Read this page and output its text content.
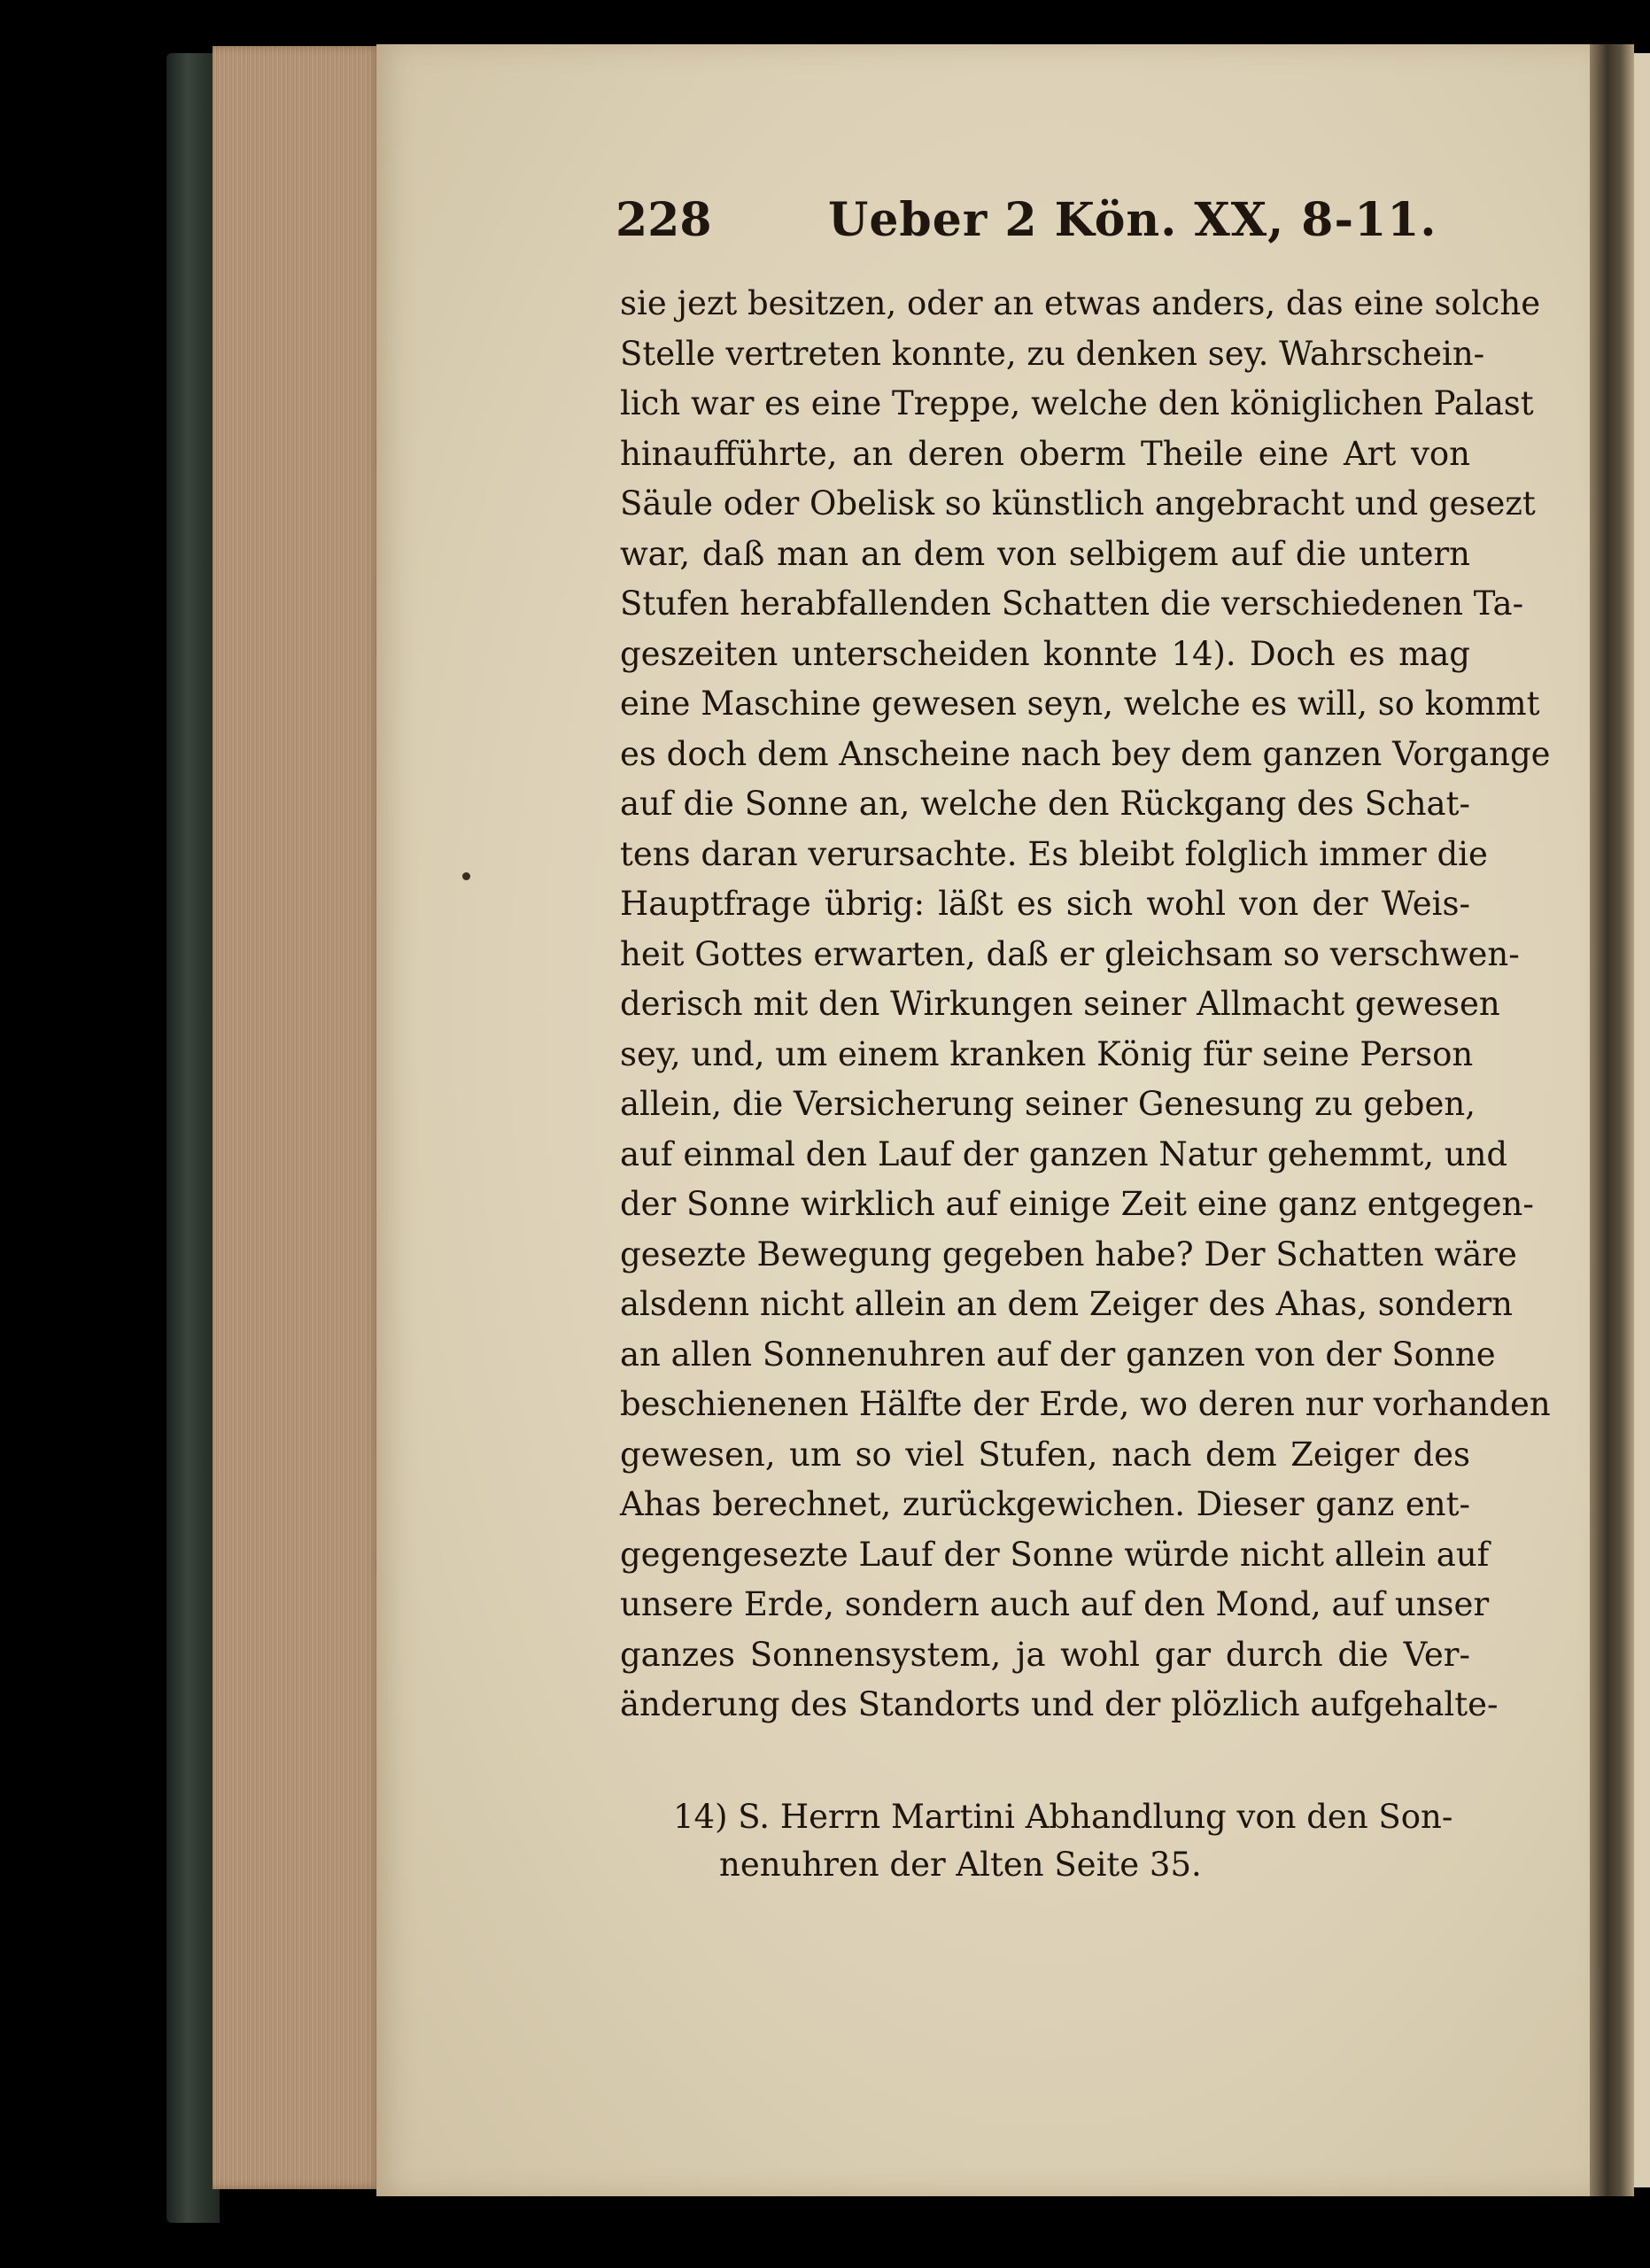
228	Ueber 2 Kön. XX, 8-11.
sie jezt besitzen, oder an etwas anders, das eine solche
Stelle vertreten konnte, zu denken sey. Wahrschein-
lich war es eine Treppe, welche den königlichen Palast
hinaufführte, an deren oberm Theile eine Art von
Säule oder Obelisk so künstlich angebracht und gesezt
war, daß man an dem von selbigem auf die untern
Stufen herabfallenden Schatten die verschiedenen Ta-
geszeiten unterscheiden konnte 14). Doch es mag
eine Maschine gewesen seyn, welche es will, so kommt
es doch dem Anscheine nach bey dem ganzen Vorgange
auf die Sonne an, welche den Rückgang des Schat-
tens daran verursachte. Es bleibt folglich immer die
Hauptfrage übrig: läßt es sich wohl von der Weis-
heit Gottes erwarten, daß er gleichsam so verschwen-
derisch mit den Wirkungen seiner Allmacht gewesen
sey, und, um einem kranken König für seine Person
allein, die Versicherung seiner Genesung zu geben,
auf einmal den Lauf der ganzen Natur gehemmt, und
der Sonne wirklich auf einige Zeit eine ganz entgegen-
gesezte Bewegung gegeben habe? Der Schatten wäre
alsdenn nicht allein an dem Zeiger des Ahas, sondern
an allen Sonnenuhren auf der ganzen von der Sonne
beschienenen Hälfte der Erde, wo deren nur vorhanden
gewesen, um so viel Stufen, nach dem Zeiger des
Ahas berechnet, zurückgewichen. Dieser ganz ent-
gegengesezte Lauf der Sonne würde nicht allein auf
unsere Erde, sondern auch auf den Mond, auf unser
ganzes Sonnensystem, ja wohl gar durch die Ver-
änderung des Standorts und der plözlich aufgehalte-
14) S. Herrn Martini Abhandlung von den Son-
nenuhren der Alten Seite 35.
